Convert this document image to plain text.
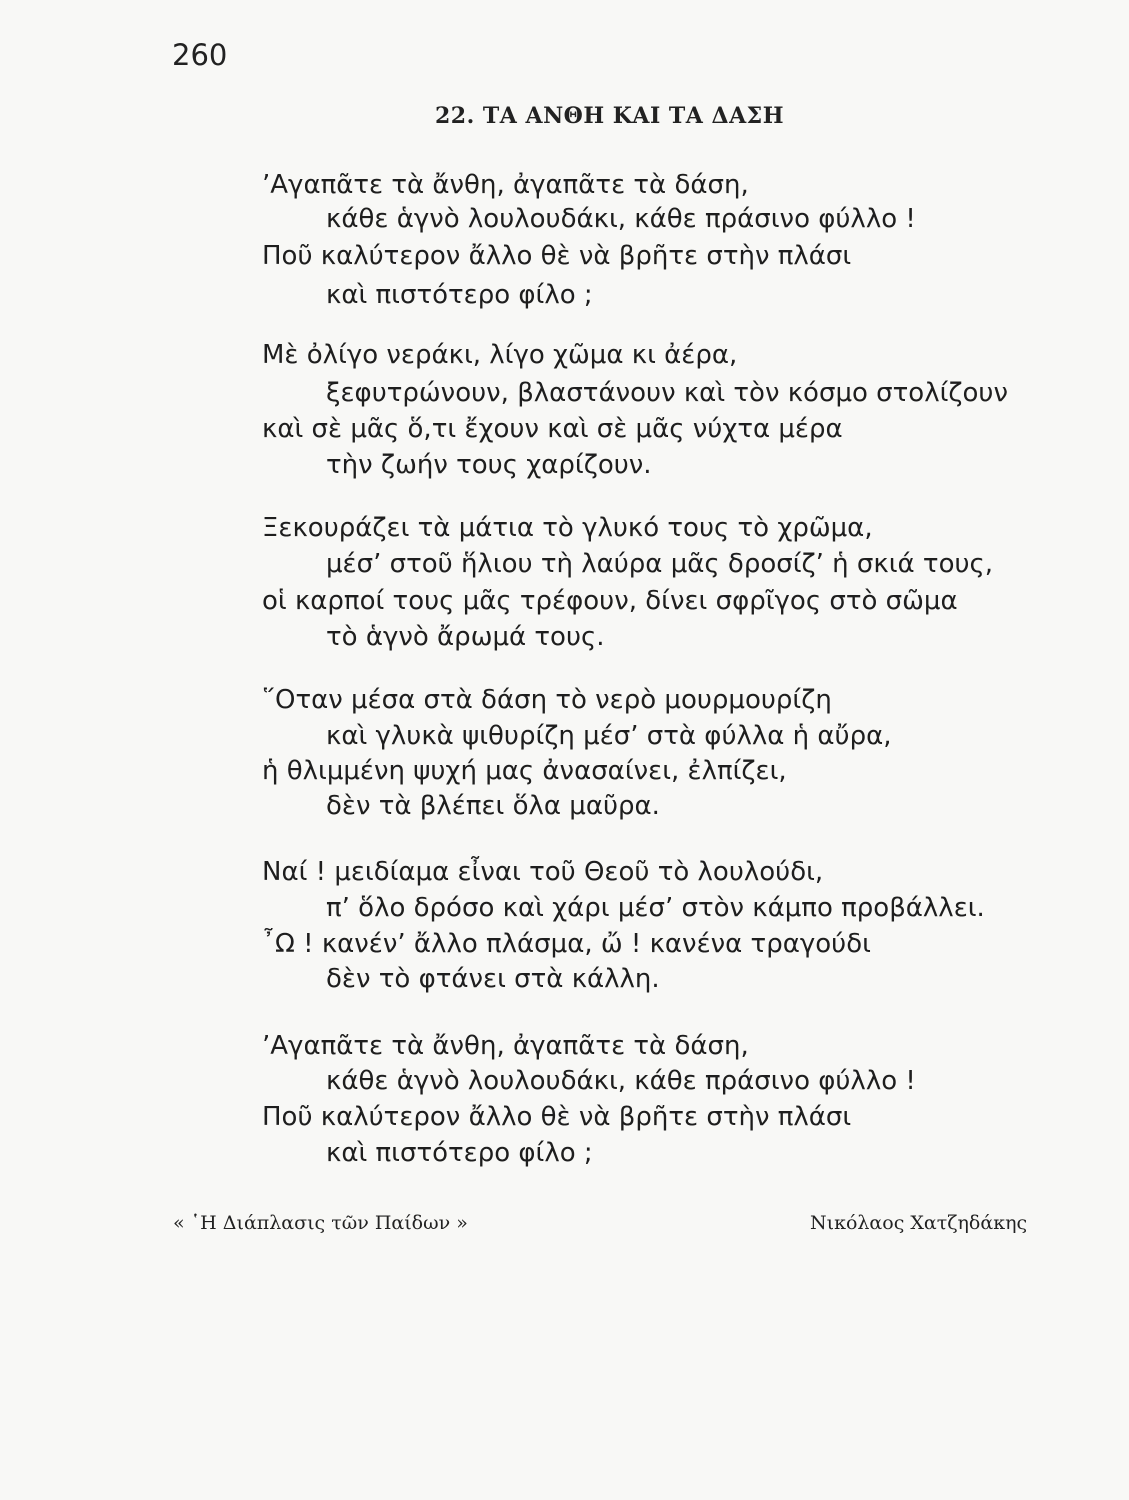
260
22. ΤΑ ΑΝΘΗ ΚΑΙ ΤΑ ΔΑΣΗ
’Αγαπᾶτε τὰ ἄνθη, ἀγαπᾶτε τὰ δάση,
κάθε ἁγνὸ λουλουδάκι, κάθε πράσινο φύλλο !
Ποῦ καλύτερον ἄλλο θὲ νὰ βρῆτε στὴν πλάσι
καὶ πιστότερο φίλο ;
Μὲ ὀλίγο νεράκι, λίγο χῶμα κι ἀέρα,
ξεφυτρώνουν, βλαστάνουν καὶ τὸν κόσμο στολίζουν
καὶ σὲ μᾶς ὅ,τι ἔχουν καὶ σὲ μᾶς νύχτα μέρα
τὴν ζωήν τους χαρίζουν.
Ξεκουράζει τὰ μάτια τὸ γλυκό τους τὸ χρῶμα,
μέσ’ στοῦ ἥλιου τὴ λαύρα μᾶς δροσίζ’ ἡ σκιά τους,
οἱ καρποί τους μᾶς τρέφουν, δίνει σφρῖγος στὸ σῶμα
τὸ ἁγνὸ ἄρωμά τους.
῞Οταν μέσα στὰ δάση τὸ νερὸ μουρμουρίζη
καὶ γλυκὰ ψιθυρίζη μέσ’ στὰ φύλλα ἡ αὔρα,
ἡ θλιμμένη ψυχή μας ἀνασαίνει, ἐλπίζει,
δὲν τὰ βλέπει ὅλα μαῦρα.
Ναί ! μειδίαμα εἶναι τοῦ Θεοῦ τὸ λουλούδι,
π’ ὅλο δρόσο καὶ χάρι μέσ’ στὸν κάμπο προβάλλει.
῏Ω ! κανέν’ ἄλλο πλάσμα, ὤ ! κανένα τραγούδι
δὲν τὸ φτάνει στὰ κάλλη.
’Αγαπᾶτε τὰ ἄνθη, ἀγαπᾶτε τὰ δάση,
κάθε ἁγνὸ λουλουδάκι, κάθε πράσινο φύλλο !
Ποῦ καλύτερον ἄλλο θὲ νὰ βρῆτε στὴν πλάσι
καὶ πιστότερο φίλο ;
« ῾Η Διάπλασις τῶν Παίδων »	Νικόλαος Χατζηδάκης
